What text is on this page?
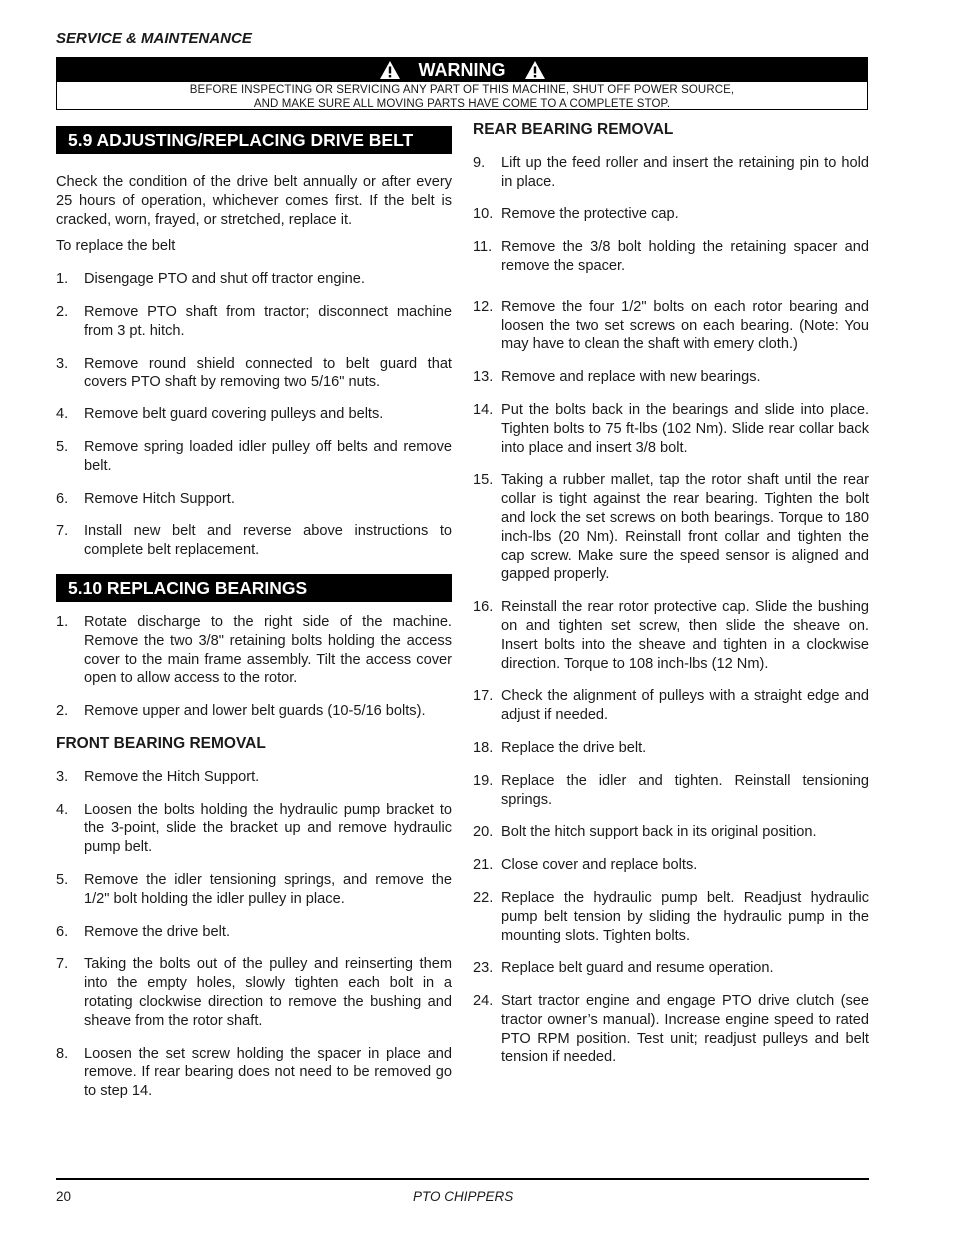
SERVICE & MAINTENANCE
WARNING
BEFORE INSPECTING OR SERVICING ANY PART OF THIS MACHINE, SHUT OFF POWER SOURCE,
AND MAKE SURE ALL MOVING PARTS HAVE COME TO A COMPLETE STOP.
5.9 ADJUSTING/REPLACING DRIVE BELT

Check the condition of the drive belt annually or after every 25 hours of operation, whichever comes first. If the belt is cracked, worn, frayed, or stretched, replace it.

To replace the belt

1.	Disengage PTO and shut off tractor engine.
2.	Remove PTO shaft from tractor; disconnect machine from 3 pt. hitch.
3.	Remove round shield connected to belt guard that covers PTO shaft by removing two 5/16" nuts.
4.	Remove belt guard covering pulleys and belts.
5.	Remove spring loaded idler pulley off belts and remove belt.
6.	Remove Hitch Support.
7.	Install new belt and reverse above instructions to complete belt replacement.
5.10 REPLACING BEARINGS
1.	Rotate discharge to the right side of the machine. Remove the two 3/8" retaining bolts holding the access cover to the main frame assembly. Tilt the access cover open to allow access to the rotor.
2.	Remove upper and lower belt guards (10-5/16 bolts).
FRONT BEARING REMOVAL
3.	Remove the Hitch Support.
4.	Loosen the bolts holding the hydraulic pump bracket to the 3-point, slide the bracket up and remove hydraulic pump belt.
5.	Remove the idler tensioning springs, and remove the 1/2" bolt holding the idler pulley in place.
6.	Remove the drive belt.
7.	Taking the bolts out of the pulley and reinserting them into the empty holes, slowly tighten each bolt in a rotating clockwise direction to remove the bushing and sheave from the rotor shaft.
8.	Loosen the set screw holding the spacer in place and remove. If rear bearing does not need to be removed go to step 14.
REAR BEARING REMOVAL
9.	Lift up the feed roller and insert the retaining pin to hold in place.
10. Remove the protective cap.
11. Remove the 3/8 bolt holding the retaining spacer and remove the spacer.
12. Remove the four 1/2" bolts on each rotor bearing and loosen the two set screws on each bearing. (Note: You may have to clean the shaft with emery cloth.)
13. Remove and replace with new bearings.
14. Put the bolts back in the bearings and slide into place. Tighten bolts to 75 ft-lbs (102 Nm). Slide rear collar back into place and insert 3/8 bolt.
15. Taking a rubber mallet, tap the rotor shaft until the rear collar is tight against the rear bearing. Tighten the bolt and lock the set screws on both bearings. Torque to 180 inch-lbs (20 Nm). Reinstall front collar and tighten the cap screw. Make sure the speed sensor is aligned and gapped properly.
16. Reinstall the rear rotor protective cap. Slide the bushing on and tighten set screw, then slide the sheave on. Insert bolts into the sheave and tighten in a clockwise direction. Torque to 108 inch-lbs (12 Nm).
17. Check the alignment of pulleys with a straight edge and adjust if needed.
18. Replace the drive belt.
19. Replace the idler and tighten. Reinstall tensioning springs.
20. Bolt the hitch support back in its original position.
21. Close cover and replace bolts.
22. Replace the hydraulic pump belt. Readjust hydraulic pump belt tension by sliding the hydraulic pump in the mounting slots. Tighten bolts.
23. Replace belt guard and resume operation.
24. Start tractor engine and engage PTO drive clutch (see tractor owner’s manual). Increase engine speed to rated PTO RPM position. Test unit; readjust pulleys and belt tension if needed.
20	PTO CHIPPERS
